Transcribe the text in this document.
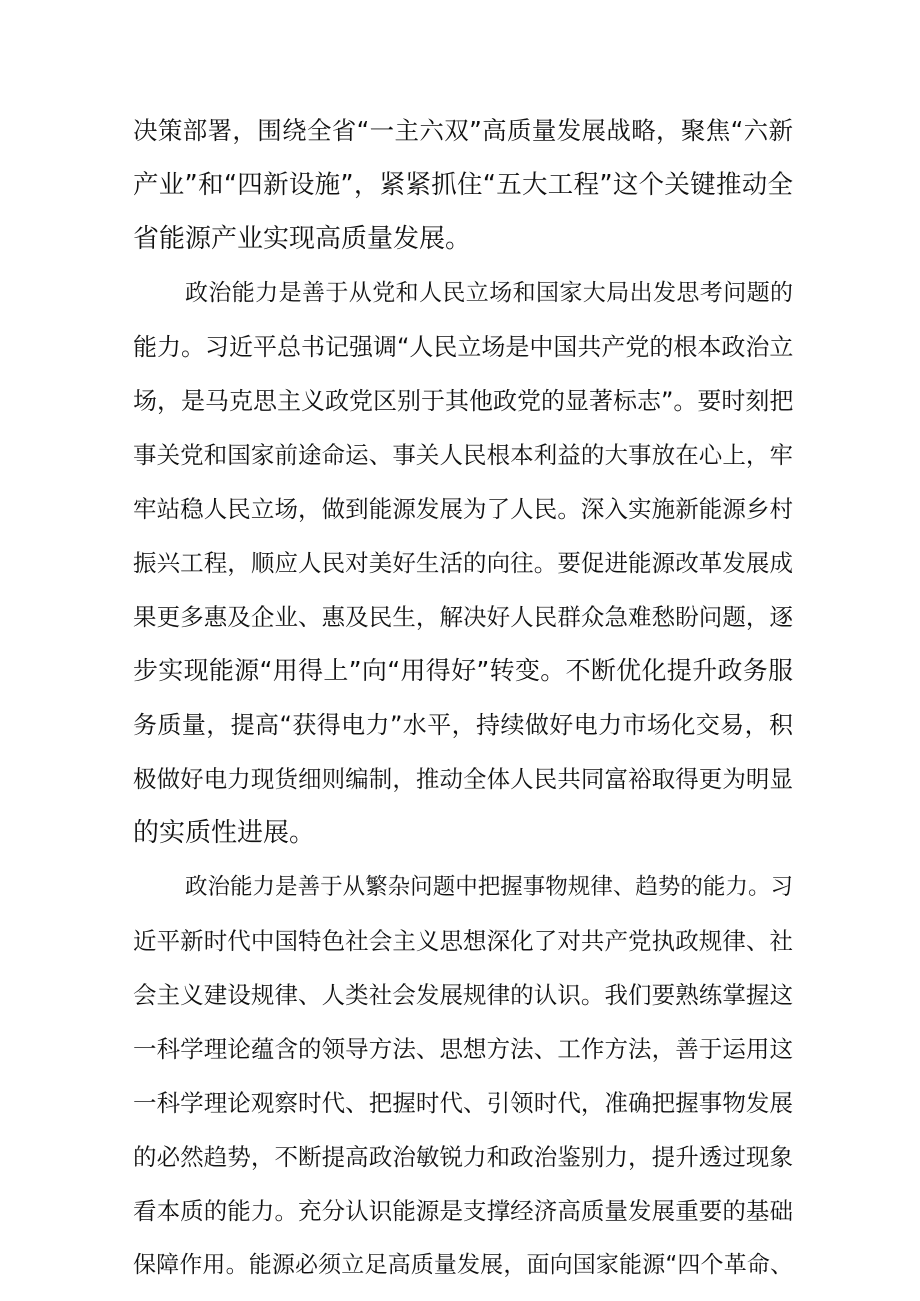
决策部署，围绕全省“一主六双”高质量发展战略，聚焦“六新
产业”和“四新设施”，紧紧抓住“五大工程”这个关键推动全
省能源产业实现高质量发展。
政治能力是善于从党和人民立场和国家大局出发思考问题的
能力。习近平总书记强调“人民立场是中国共产党的根本政治立
场，是马克思主义政党区别于其他政党的显著标志”。要时刻把
事关党和国家前途命运、事关人民根本利益的大事放在心上，牢
牢站稳人民立场，做到能源发展为了人民。深入实施新能源乡村
振兴工程，顺应人民对美好生活的向往。要促进能源改革发展成
果更多惠及企业、惠及民生，解决好人民群众急难愁盼问题，逐
步实现能源“用得上”向“用得好”转变。不断优化提升政务服
务质量，提高“获得电力”水平，持续做好电力市场化交易，积
极做好电力现货细则编制，推动全体人民共同富裕取得更为明显
的实质性进展。
政治能力是善于从繁杂问题中把握事物规律、趋势的能力。习
近平新时代中国特色社会主义思想深化了对共产党执政规律、社
会主义建设规律、人类社会发展规律的认识。我们要熟练掌握这
一科学理论蕴含的领导方法、思想方法、工作方法，善于运用这
一科学理论观察时代、把握时代、引领时代，准确把握事物发展
的必然趋势，不断提高政治敏锐力和政治鉴别力，提升透过现象
看本质的能力。充分认识能源是支撑经济高质量发展重要的基础
保障作用。能源必须立足高质量发展，面向国家能源“四个革命、
